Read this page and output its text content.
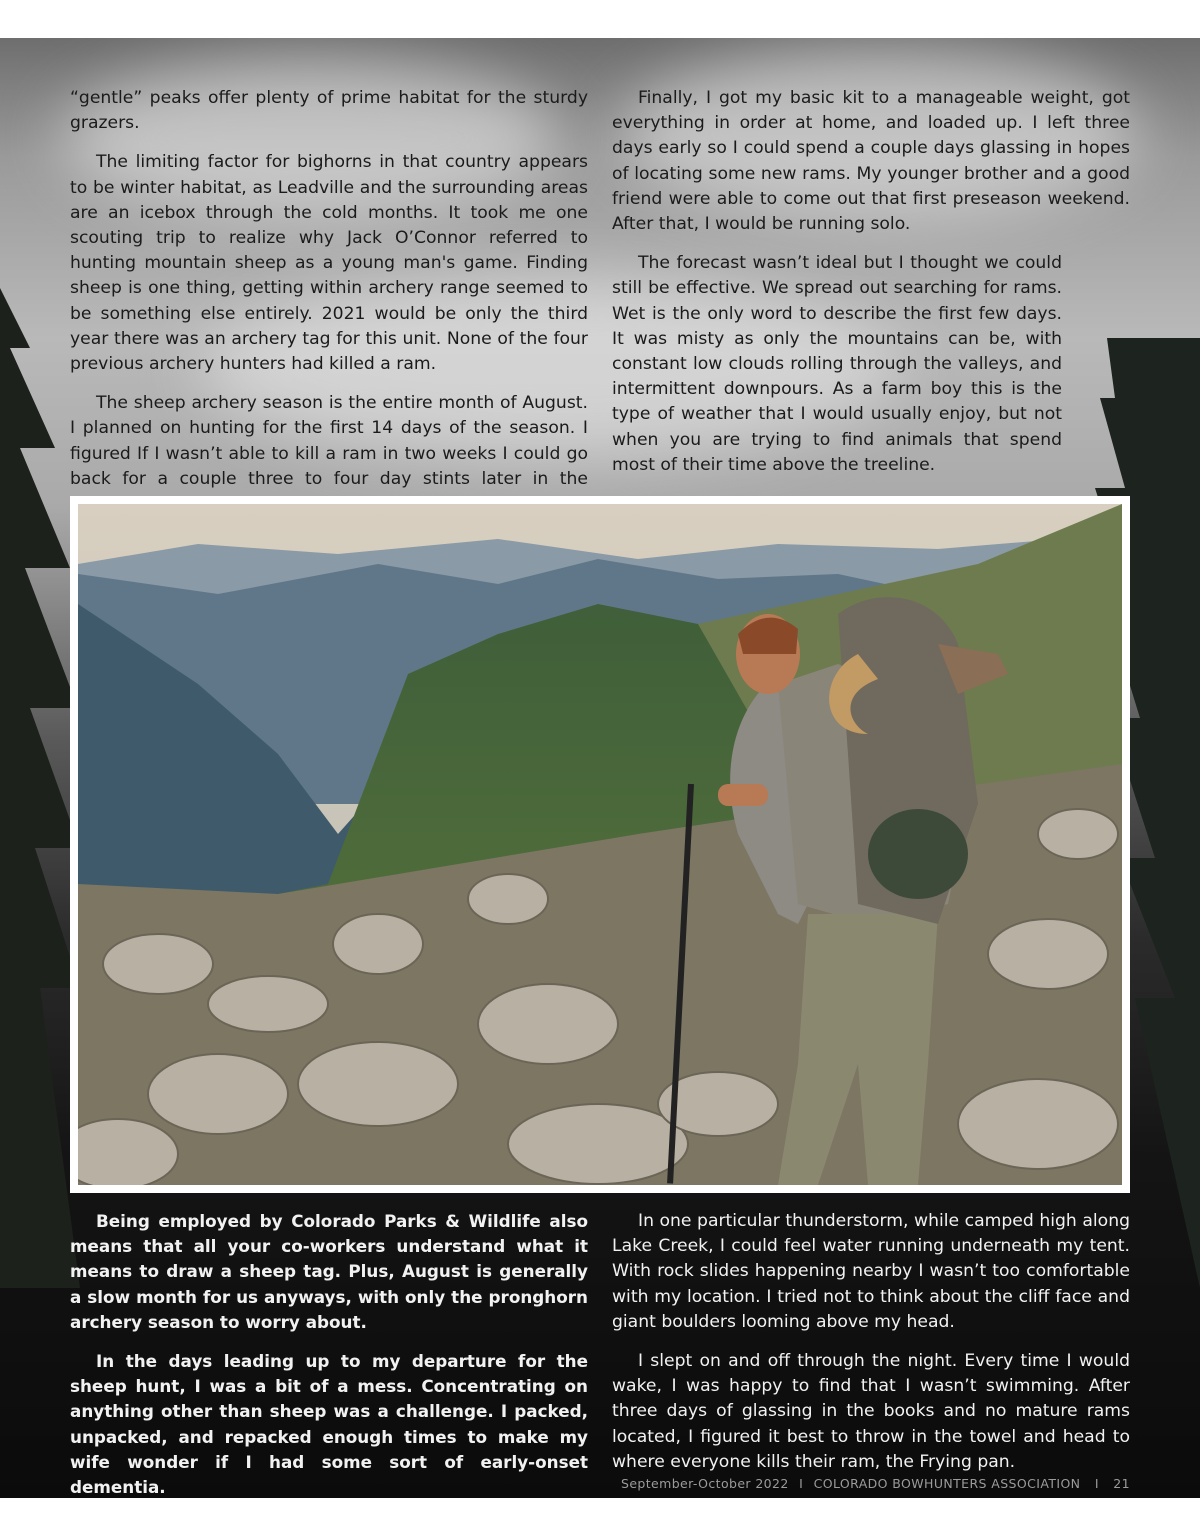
“gentle” peaks offer plenty of prime habitat for the sturdy grazers.

The limiting factor for bighorns in that country appears to be winter habitat, as Leadville and the surrounding areas are an icebox through the cold months. It took me one scouting trip to realize why Jack O’Connor referred to hunting mountain sheep as a young man's game. Finding sheep is one thing, getting within archery range seemed to be something else entirely. 2021 would be only the third year there was an archery tag for this unit. None of the four previous archery hunters had killed a ram.

The sheep archery season is the entire month of August. I planned on hunting for the first 14 days of the season. I figured If I wasn’t able to kill a ram in two weeks I could go back for a couple three to four day stints later in the

Finally, I got my basic kit to a manageable weight, got everything in order at home, and loaded up. I left three days early so I could spend a couple days glassing in hopes of locating some new rams. My younger brother and a good friend were able to come out that first preseason weekend. After that, I would be running solo.

The forecast wasn’t ideal but I thought we could still be effective. We spread out searching for rams. Wet is the only word to describe the first few days. It was misty as only the mountains can be, with constant low clouds rolling through the valleys, and intermittent downpours. As a farm boy this is the type of weather that I would usually enjoy, but not when you are trying to find animals that spend most of their time above the treeline.

Being employed by Colorado Parks & Wildlife also means that all your co-workers understand what it means to draw a sheep tag. Plus, August is generally a slow month for us anyways, with only the pronghorn archery season to worry about.

In the days leading up to my departure for the sheep hunt, I was a bit of a mess. Concentrating on anything other than sheep was a challenge. I packed, unpacked, and repacked enough times to make my wife wonder if I had some sort of early-onset dementia.

In one particular thunderstorm, while camped high along Lake Creek, I could feel water running underneath my tent. With rock slides happening nearby I wasn’t too comfortable with my location. I tried not to think about the cliff face and giant boulders looming above my head.

I slept on and off through the night. Every time I would wake, I was happy to find that I wasn’t swimming. After three days of glassing in the books and no mature rams located, I figured it best to throw in the towel and head to where everyone kills their ram, the Frying pan.

September-October 2022 I COLORADO BOWHUNTERS ASSOCIATION I 21
